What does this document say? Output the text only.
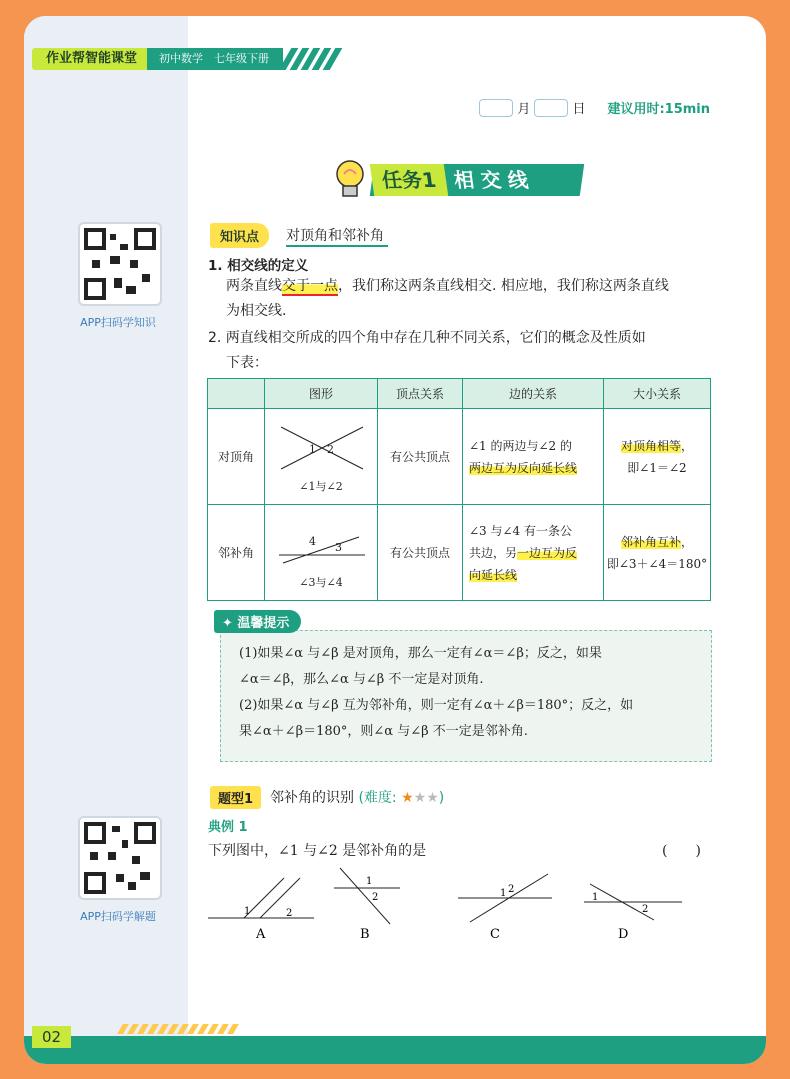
作业帮智能课堂	初中数学　七年级下册
月	日 建议用时:15min
任务1 相 交 线
APP扫码学知识
APP扫码学解题
知识点	对顶角和邻补角
1. 相交线的定义
两条直线交于一点，我们称这两条直线相交. 相应地，我们称这两条直线
为相交线.
2. 两直线相交所成的四个角中存在几种不同关系，它们的概念及性质如
下表：
	图形	顶点关系	边的关系	大小关系
对顶角	1 2
∠1与∠2	有公共顶点	∠1 的两边与∠2 的
两边互为反向延长线	对顶角相等，
即∠1＝∠2
邻补角	4 3
∠3与∠4	有公共顶点	∠3 与∠4 有一条公
共边，另一边互为反
向延长线	邻补角互补，
即∠3＋∠4＝180°

(1)如果∠α 与∠β 是对顶角，那么一定有∠α＝∠β；反之，如果

∠α＝∠β，那么∠α 与∠β 不一定是对顶角.

(2)如果∠α 与∠β 互为邻补角，则一定有∠α＋∠β＝180°；反之，如

果∠α＋∠β＝180°，则∠α 与∠β 不一定是邻补角.

✦ 温馨提示
题型1	邻补角的识别 (难度: ★★★)
典例 1
下列图中，∠1 与∠2 是邻补角的是	(　　)
1	2
A
1
2
B
1 2
C
1
2
D
02
